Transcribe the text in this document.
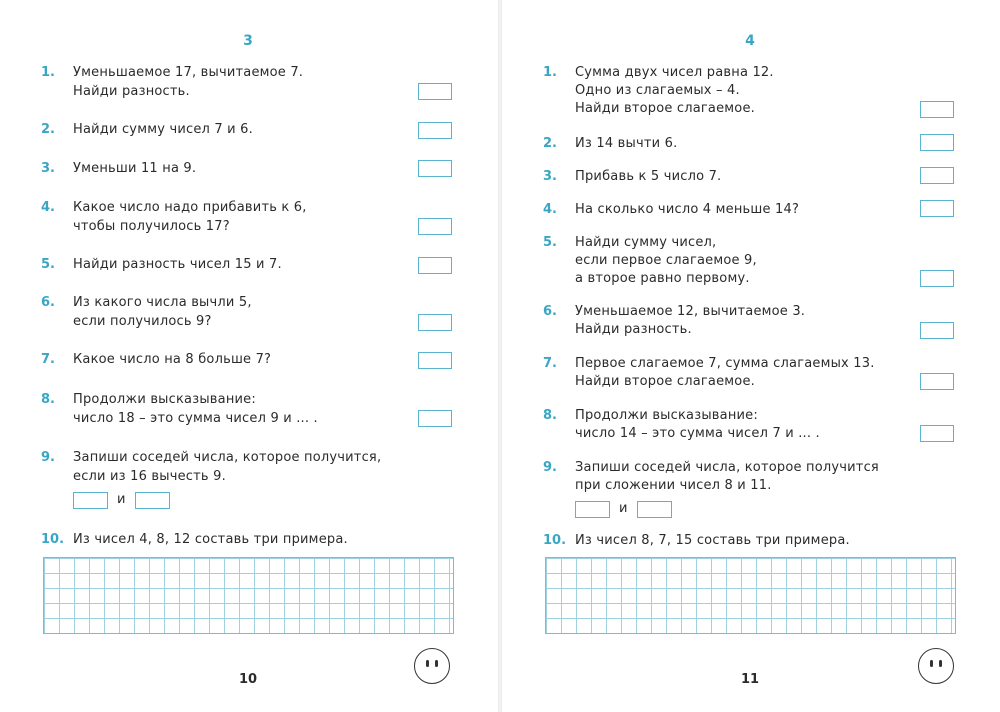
3
1.	Уменьшаемое 17, вычитаемое 7.
Найди разность.
2.	Найди сумму чисел 7 и 6.
3.	Уменьши 11 на 9.
4.	Какое число надо прибавить к 6,
чтобы получилось 17?
5.	Найди разность чисел 15 и 7.
6.	Из какого числа вычли 5,
если получилось 9?
7.	Какое число на 8 больше 7?
8.	Продолжи высказывание:
число 18 – это сумма чисел 9 и ... .
9.	Запиши соседей числа, которое получится,
если из 16 вычесть 9.
и
10. Из чисел 4, 8, 12 составь три примера.
10
4
1.	Сумма двух чисел равна 12.
Одно из слагаемых – 4.
Найди второе слагаемое.
2.	Из 14 вычти 6.
3.	Прибавь к 5 число 7.
4.	На сколько число 4 меньше 14?
5.	Найди сумму чисел,
если первое слагаемое 9,
а второе равно первому.
6.	Уменьшаемое 12, вычитаемое 3.
Найди разность.
7.	Первое слагаемое 7, сумма слагаемых 13.
Найди второе слагаемое.
8.	Продолжи высказывание:
число 14 – это сумма чисел 7 и ... .
9.	Запиши соседей числа, которое получится
при сложении чисел 8 и 11.
и
10. Из чисел 8, 7, 15 составь три примера.
11
